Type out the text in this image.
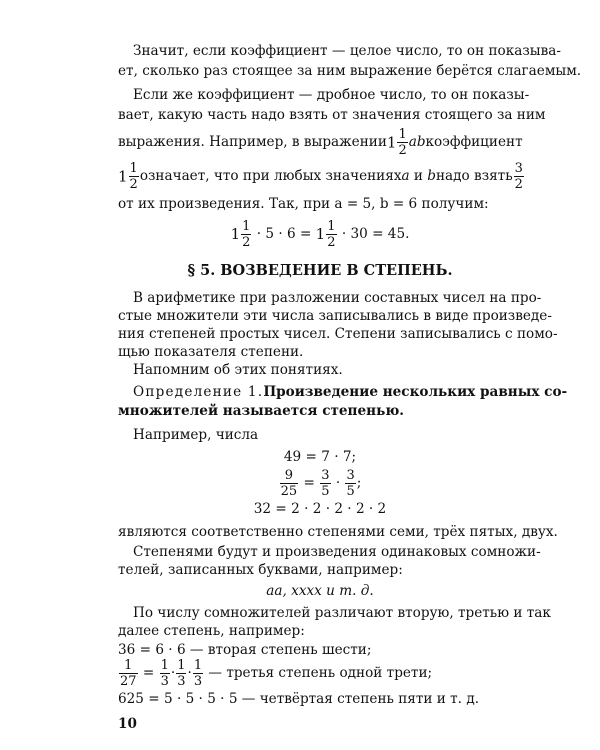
Значит, если коэффициент — целое число, то он показыва-
ет, сколько раз стоящее за ним выражение берётся слагаемым.
Если же коэффициент — дробное число, то он показы-
вает, какую часть надо взять от значения стоящего за ним
выражения. Например, в выражении $1 \frac{1}{2}$ ab коэффициент
$1 \frac{1}{2}$ означает, что при любых значениях a и b надо взять $\frac{3}{2}$
от их произведения. Так, при a = 5, b = 6 получим:
$1 \frac{1}{2} \cdot 5 \cdot 6 = 1 \frac{1}{2} \cdot 30 = 45$.
§ 5. ВОЗВЕДЕНИЕ В СТЕПЕНЬ.
В арифметике при разложении составных чисел на про-
стые множители эти числа записывались в виде произведе-
ния степеней простых чисел. Степени записывались с помо-
щью показателя степени.
Напомним об этих понятиях.
Определение 1. Произведение нескольких равных со-
множителей называется степенью.
Например, числа
49 = 7 · 7;
$\frac{9}{25} = \frac{3}{5} \cdot \frac{3}{5}$ ;
32 = 2 · 2 · 2 · 2 · 2
являются соответственно степенями семи, трёх пятых, двух.
Степенями будут и произведения одинаковых сомножи-
телей, записанных буквами, например:
aa, xxxx и т. д.
По числу сомножителей различают вторую, третью и так
далее степень, например:
36 = 6 · 6 — вторая степень шести;
$\frac{1}{27} = \frac{1}{3} \cdot \frac{1}{3} \cdot \frac{1}{3}$
— третья степень одной трети;
625 = 5 · 5 · 5 · 5 — четвёртая степень пяти и т. д.
10
